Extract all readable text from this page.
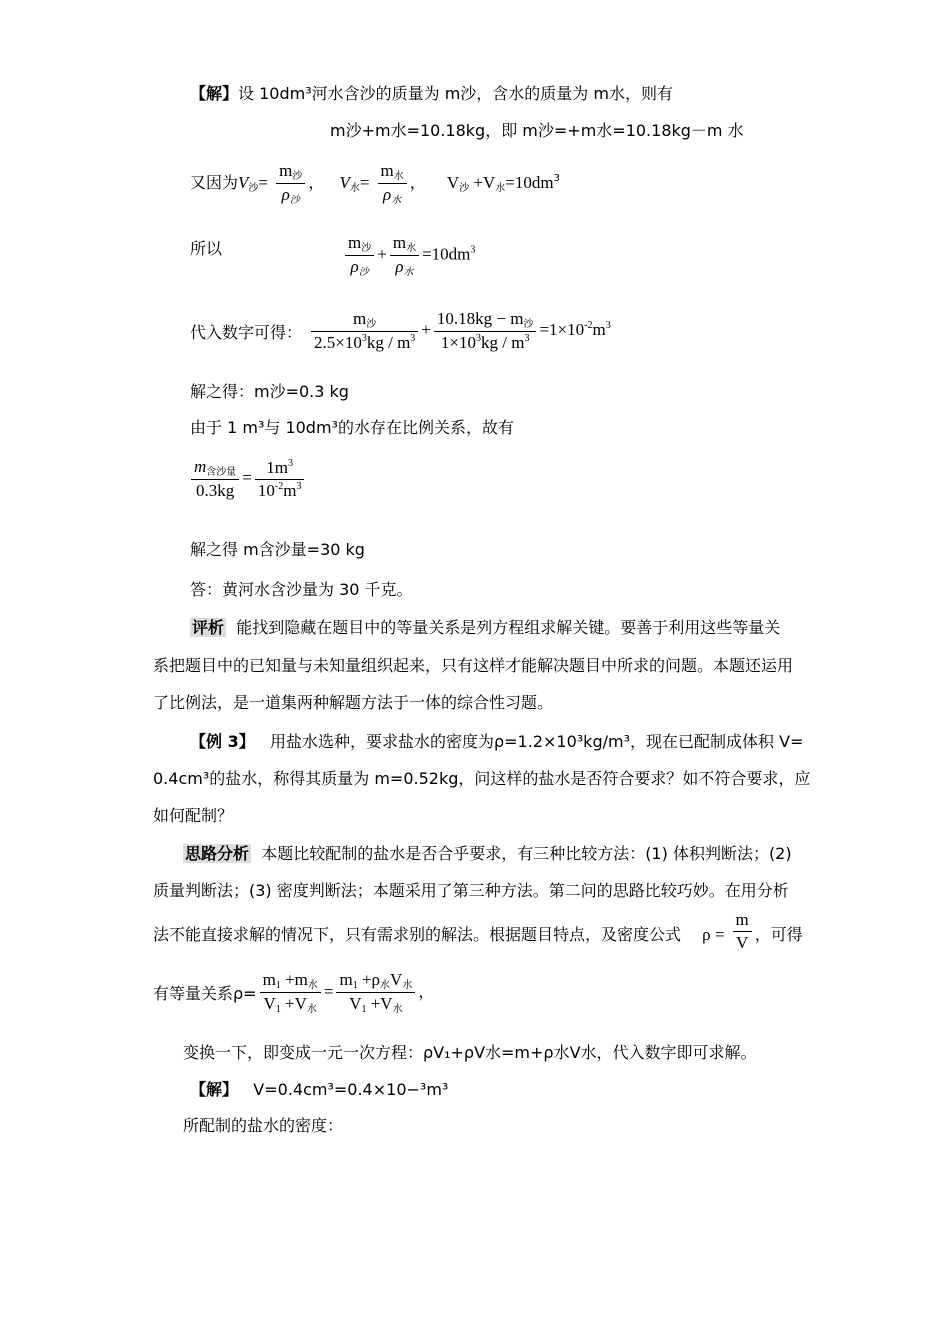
【解】设 10dm³河水含沙的质量为 m沙，含水的质量为 m水，则有
m沙+m水=10.18kg，即 m沙=+m水=10.18kg－m 水
又因为$V_沙= \frac{m_沙}{\rho_沙}$ ， $V_水= \frac{m_水}{\rho_水}$ ， $V_沙 +V_水=10dm^3$
所以	$\frac{m_沙}{\rho_沙} + \frac{m_水}{\rho_水} =10dm^3$
代入数字可得： $\frac{m_沙}{2.5\times 10^3kg / m^3} + \frac{10.18kg - m_沙}{1\times 10^3kg / m^3} =1\times 10^{-2}m^3$
解之得：m沙=0.3 kg
由于 1 m³与 10dm³的水存在比例关系，故有
$\frac{m_{含沙量}}{0.3kg} = \frac{1m^3}{10^{-2}m^3}$
解之得 m含沙量=30 kg
答：黄河水含沙量为 30 千克。
评析 能找到隐藏在题目中的等量关系是列方程组求解关键。要善于利用这些等量关
系把题目中的已知量与未知量组织起来，只有这样才能解决题目中所求的问题。本题还运用
了比例法，是一道集两种解题方法于一体的综合性习题。
【例 3】 用盐水选种，要求盐水的密度为ρ=1.2×10³kg/m³，现在已配制成体积 V=
0.4cm³的盐水，称得其质量为 m=0.52kg，问这样的盐水是否符合要求？如不符合要求，应
如何配制？
思路分析 本题比较配制的盐水是否合乎要求，有三种比较方法：(1) 体积判断法；(2)
质量判断法；(3) 密度判断法；本题采用了第三种方法。第二问的思路比较巧妙。在用分析
法不能直接求解的情况下，只有需求别的解法。根据题目特点，及密度公式 $\rho = \frac{m}{V}$ ，可得
有等量关系$\rho= \frac{m_1 +m_水}{V_1 +V_水} = \frac{m_1 +\rho_水V_水}{V_1 +V_水}$ ，
变换一下，即变成一元一次方程：ρV₁+ρV水=m+ρ水V水，代入数字即可求解。
【解】 V=0.4cm³=0.4×10−³m³
所配制的盐水的密度：
